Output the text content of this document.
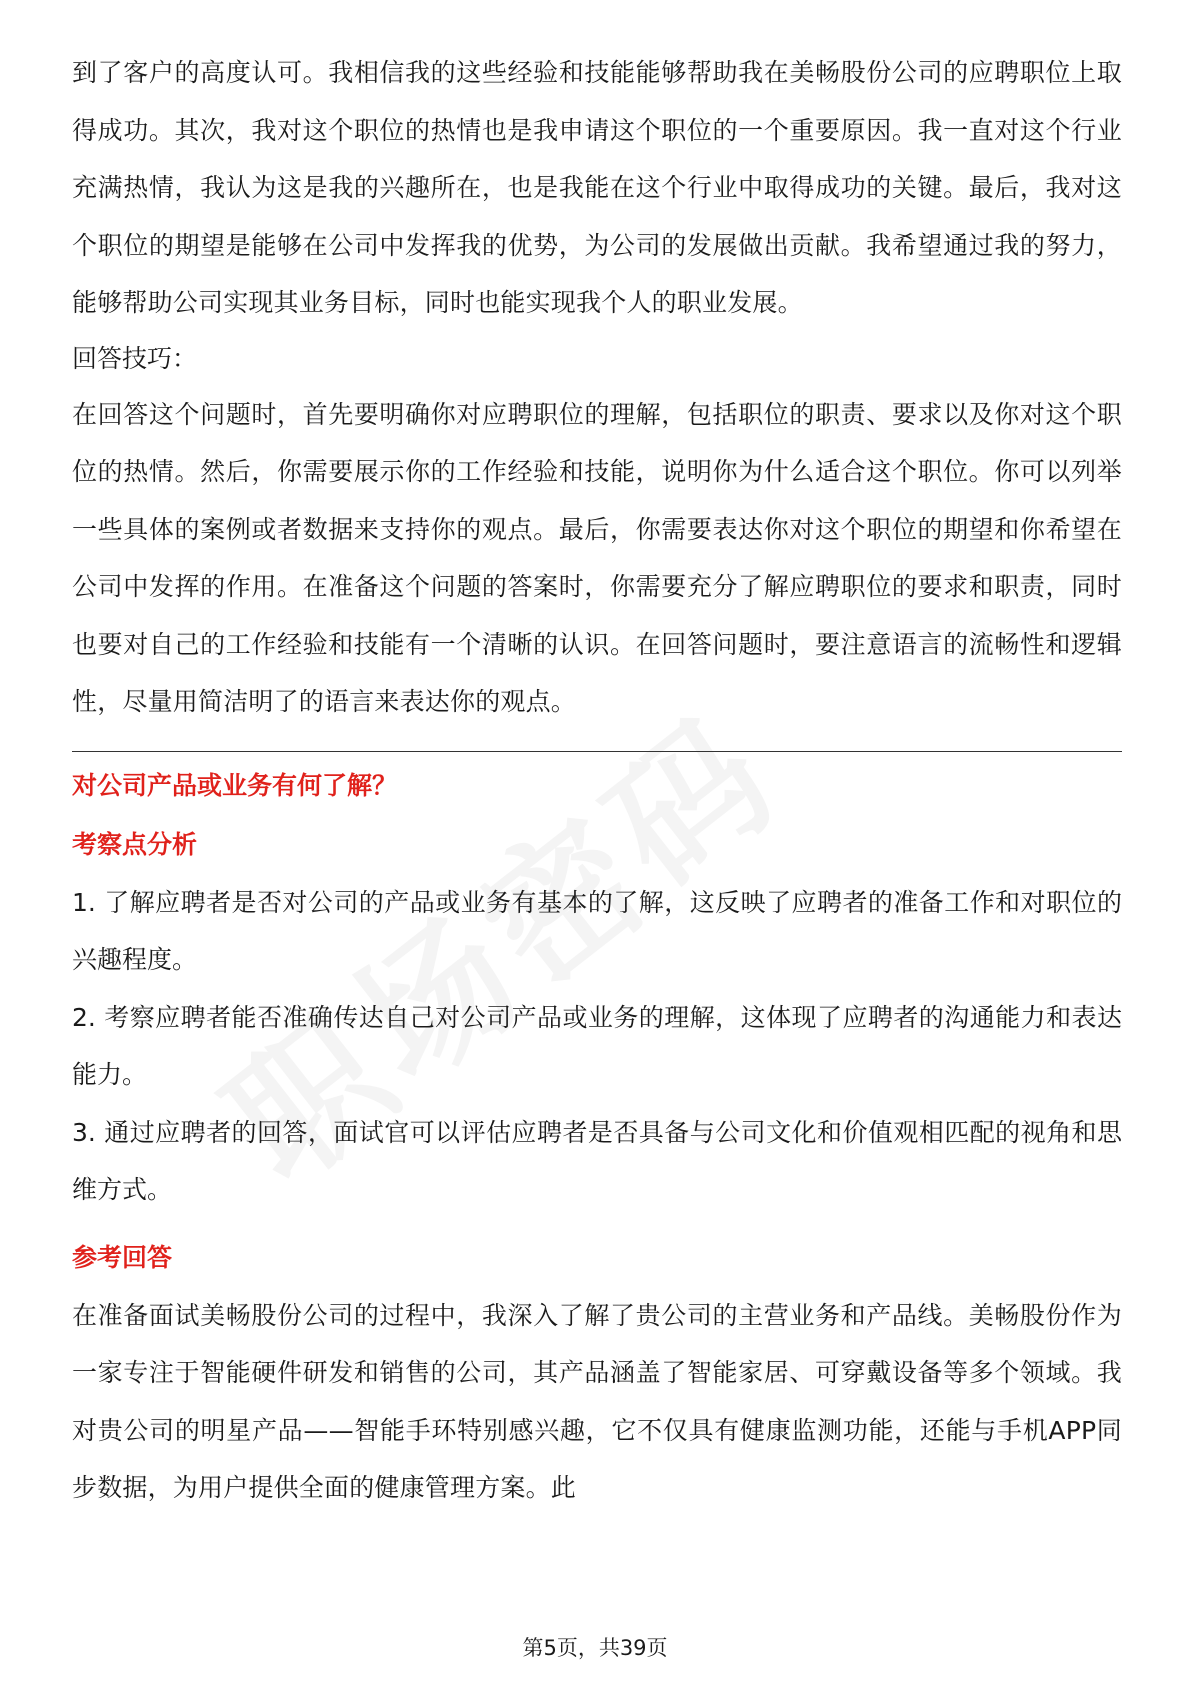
到了客户的高度认可。我相信我的这些经验和技能能够帮助我在美畅股份公司的应聘职位上取得成功。其次，我对这个职位的热情也是我申请这个职位的一个重要原因。我一直对这个行业充满热情，我认为这是我的兴趣所在，也是我能在这个行业中取得成功的关键。最后，我对这个职位的期望是能够在公司中发挥我的优势，为公司的发展做出贡献。我希望通过我的努力，能够帮助公司实现其业务目标，同时也能实现我个人的职业发展。

回答技巧：

在回答这个问题时，首先要明确你对应聘职位的理解，包括职位的职责、要求以及你对这个职位的热情。然后，你需要展示你的工作经验和技能，说明你为什么适合这个职位。你可以列举一些具体的案例或者数据来支持你的观点。最后，你需要表达你对这个职位的期望和你希望在公司中发挥的作用。在准备这个问题的答案时，你需要充分了解应聘职位的要求和职责，同时也要对自己的工作经验和技能有一个清晰的认识。在回答问题时，要注意语言的流畅性和逻辑性，尽量用简洁明了的语言来表达你的观点。

对公司产品或业务有何了解？

考察点分析

1. 了解应聘者是否对公司的产品或业务有基本的了解，这反映了应聘者的准备工作和对职位的兴趣程度。

2. 考察应聘者能否准确传达自己对公司产品或业务的理解，这体现了应聘者的沟通能力和表达能力。

3. 通过应聘者的回答，面试官可以评估应聘者是否具备与公司文化和价值观相匹配的视角和思维方式。

参考回答

在准备面试美畅股份公司的过程中，我深入了解了贵公司的主营业务和产品线。美畅股份作为一家专注于智能硬件研发和销售的公司，其产品涵盖了智能家居、可穿戴设备等多个领域。我对贵公司的明星产品——智能手环特别感兴趣，它不仅具有健康监测功能，还能与手机APP同步数据，为用户提供全面的健康管理方案。此

第5页，共39页
